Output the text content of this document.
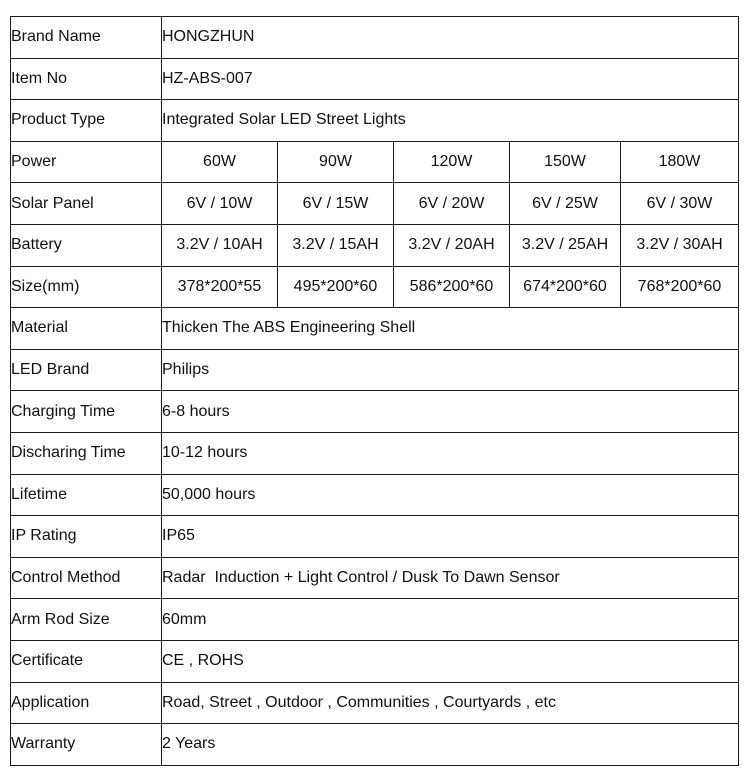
Brand Name	HONGZHUN				
Item No	HZ-ABS-007				
Product Type	Integrated Solar LED Street Lights				
Power	60W	90W	120W	150W	180W
Solar Panel	6V / 10W	6V / 15W	6V / 20W	6V / 25W	6V / 30W
Battery	3.2V / 10AH	3.2V / 15AH	3.2V / 20AH	3.2V / 25AH	3.2V / 30AH
Size(mm)	378*200*55	495*200*60	586*200*60	674*200*60	768*200*60
Material	Thicken The ABS Engineering Shell				
LED Brand	Philips				
Charging Time	6-8 hours				
Discharing Time	10-12 hours				
Lifetime	50,000 hours				
IP Rating	IP65				
Control Method	Radar  Induction + Light Control / Dusk To Dawn Sensor				
Arm Rod Size	60mm				
Certificate	CE , ROHS				
Application	Road, Street , Outdoor , Communities , Courtyards , etc				
Warranty	2 Years				
